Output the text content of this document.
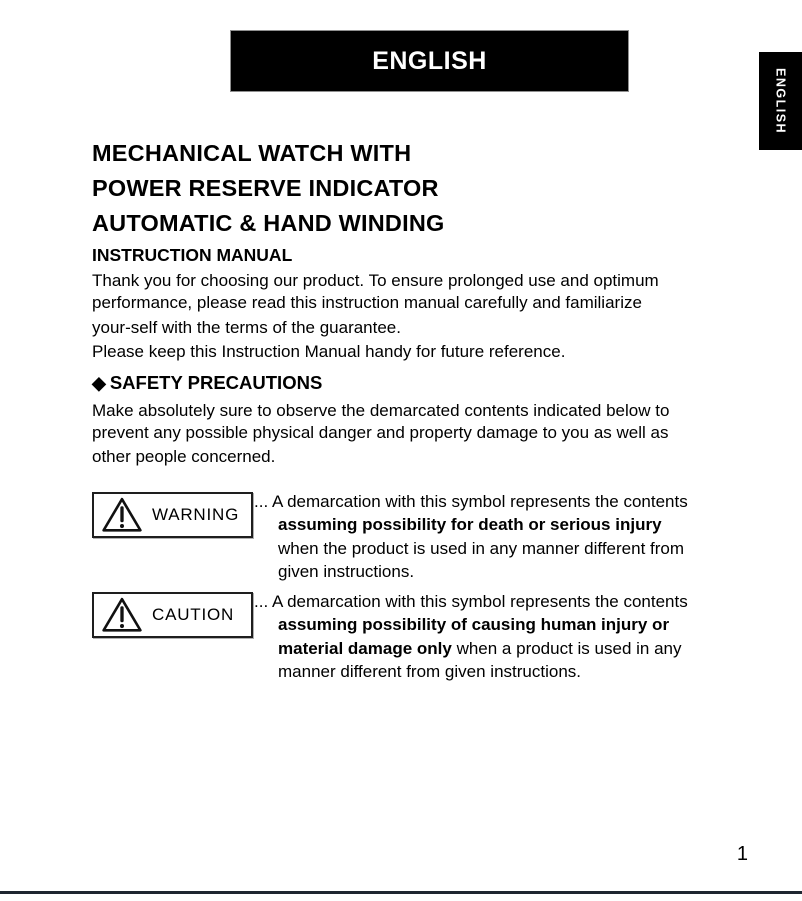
ENGLISH
ENGLISH
MECHANICAL WATCH WITH
POWER RESERVE INDICATOR
AUTOMATIC & HAND WINDING
INSTRUCTION MANUAL
Thank you for choosing our product. To ensure prolonged use and optimum
performance, please read this instruction manual carefully and familiarize
your-self with the terms of the guarantee.
Please keep this Instruction Manual handy for future reference.
◆ SAFETY PRECAUTIONS
Make absolutely sure to observe the demarcated contents indicated below to
prevent any possible physical danger and property damage to you as well as
other people concerned.
WARNING
... A demarcation with this symbol represents the contents
assuming possibility for death or serious injury
when the product is used in any manner different from
given instructions.
CAUTION
... A demarcation with this symbol represents the contents
assuming possibility of causing human injury or
material damage only when a product is used in any
manner different from given instructions.
1
